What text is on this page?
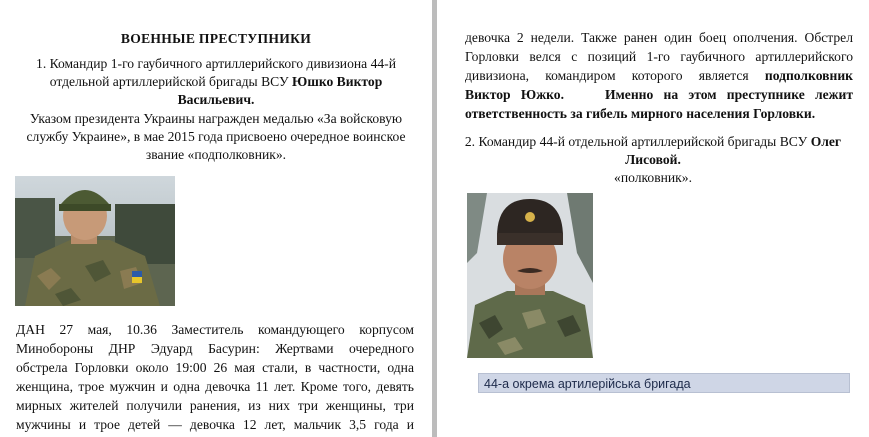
ВОЕННЫЕ ПРЕСТУПНИКИ
1. Командир 1-го гаубичного артиллерийского дивизиона 44-й
отдельной артиллерийской бригады ВСУ Юшко Виктор
Васильевич.
Указом президента Украины награжден медалью «За войсковую
службу Украине», в мае 2015 года присвоено очередное воинское
звание «подполковник».
ДАН 27 мая, 10.36 Заместитель командующего корпусом
Минобороны ДНР Эдуард Басурин: Жертвами очередного
обстрела Горловки около 19:00 26 мая стали, в частности, одна
женщина, трое мужчин и одна девочка 11 лет. Кроме того, девять
мирных жителей получили ранения, из них три женщины, три
мужчины и трое детей — девочка 12 лет, мальчик 3,5 года и
девочка 2 недели. Также ранен один боец ополчения. Обстрел
Горловки велся с позиций 1-го гаубичного артиллерийского
дивизиона, командиром которого является подполковник
Виктор Южко.	Именно на этом преступнике лежит
ответственность за гибель мирного населения Горловки.
2. Командир 44-й отдельной артиллерийской бригады ВСУ Олег
Лисовой.
«полковник».
44-а окрема артилерійська бригада
